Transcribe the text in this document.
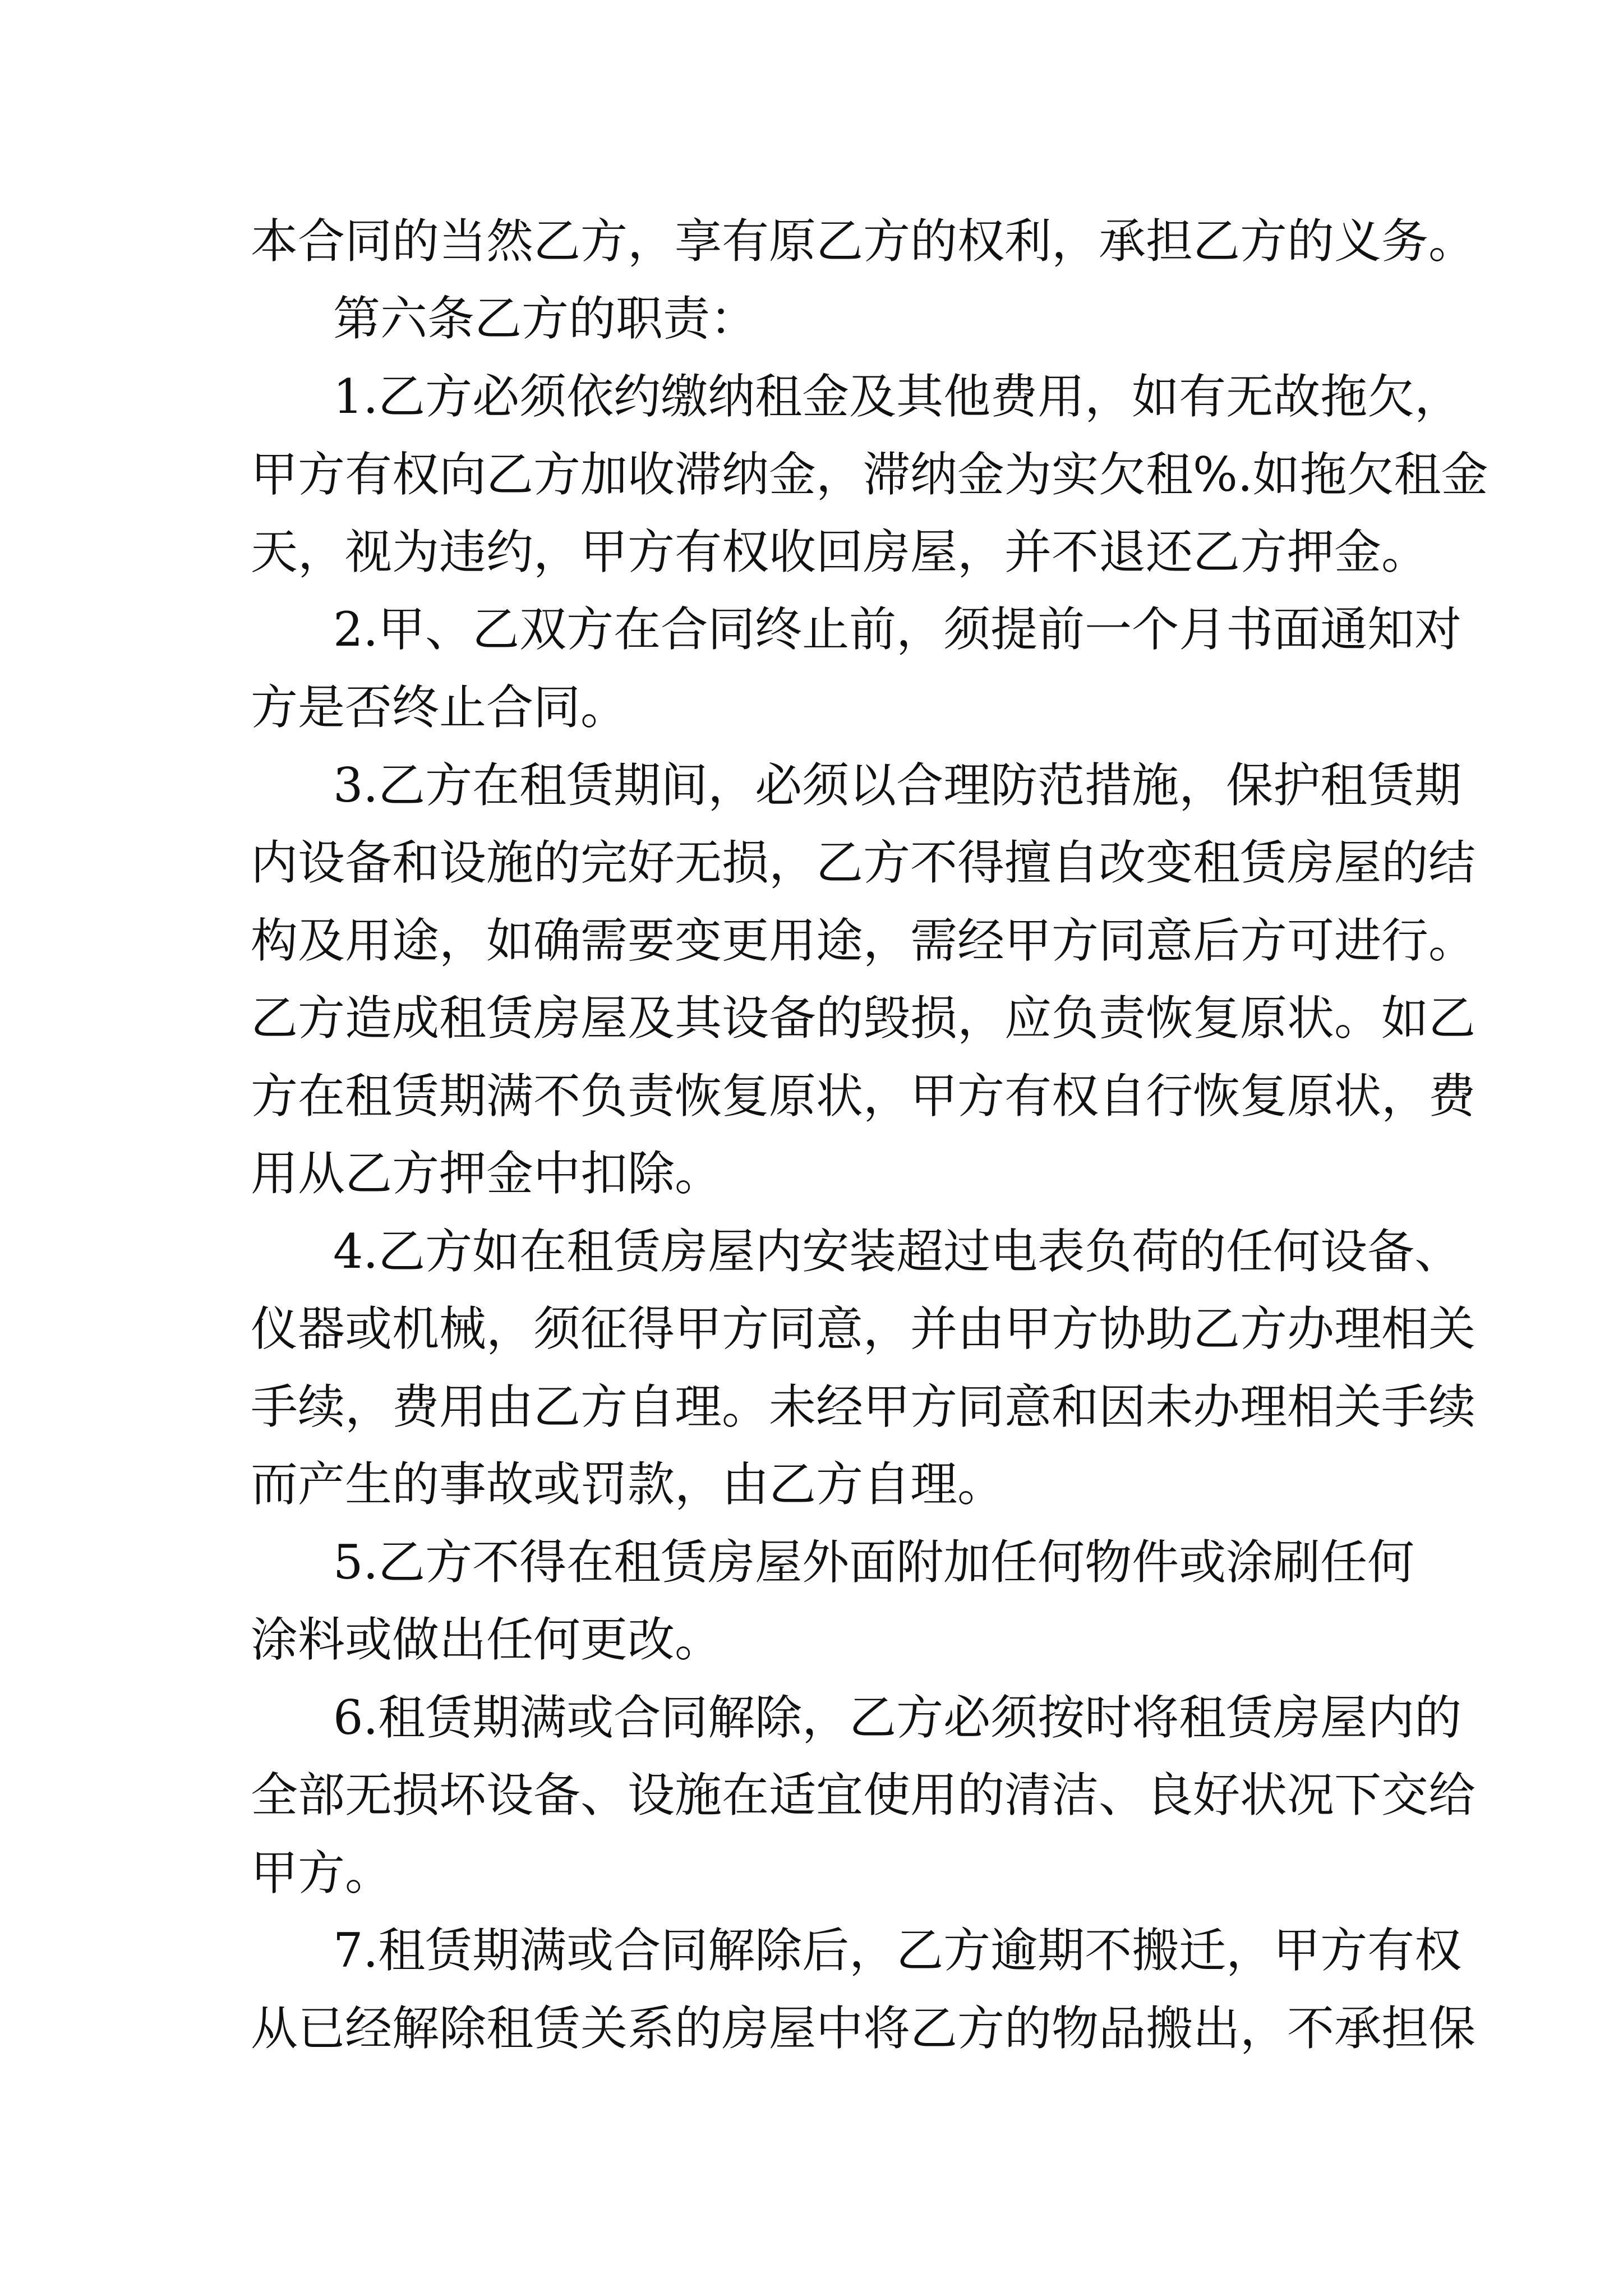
本合同的当然乙方，享有原乙方的权利，承担乙方的义务。
第六条乙方的职责：
1.乙方必须依约缴纳租金及其他费用，如有无故拖欠，
甲方有权向乙方加收滞纳金，滞纳金为实欠租%.如拖欠租金
天，视为违约，甲方有权收回房屋，并不退还乙方押金。
2.甲、乙双方在合同终止前，须提前一个月书面通知对
方是否终止合同。
3.乙方在租赁期间，必须以合理防范措施，保护租赁期
内设备和设施的完好无损，乙方不得擅自改变租赁房屋的结
构及用途，如确需要变更用途，需经甲方同意后方可进行。
乙方造成租赁房屋及其设备的毁损，应负责恢复原状。如乙
方在租赁期满不负责恢复原状，甲方有权自行恢复原状，费
用从乙方押金中扣除。
4.乙方如在租赁房屋内安装超过电表负荷的任何设备、
仪器或机械，须征得甲方同意，并由甲方协助乙方办理相关
手续，费用由乙方自理。未经甲方同意和因未办理相关手续
而产生的事故或罚款，由乙方自理。
5.乙方不得在租赁房屋外面附加任何物件或涂刷任何
涂料或做出任何更改。
6.租赁期满或合同解除，乙方必须按时将租赁房屋内的
全部无损坏设备、设施在适宜使用的清洁、良好状况下交给
甲方。
7.租赁期满或合同解除后，乙方逾期不搬迁，甲方有权
从已经解除租赁关系的房屋中将乙方的物品搬出，不承担保
